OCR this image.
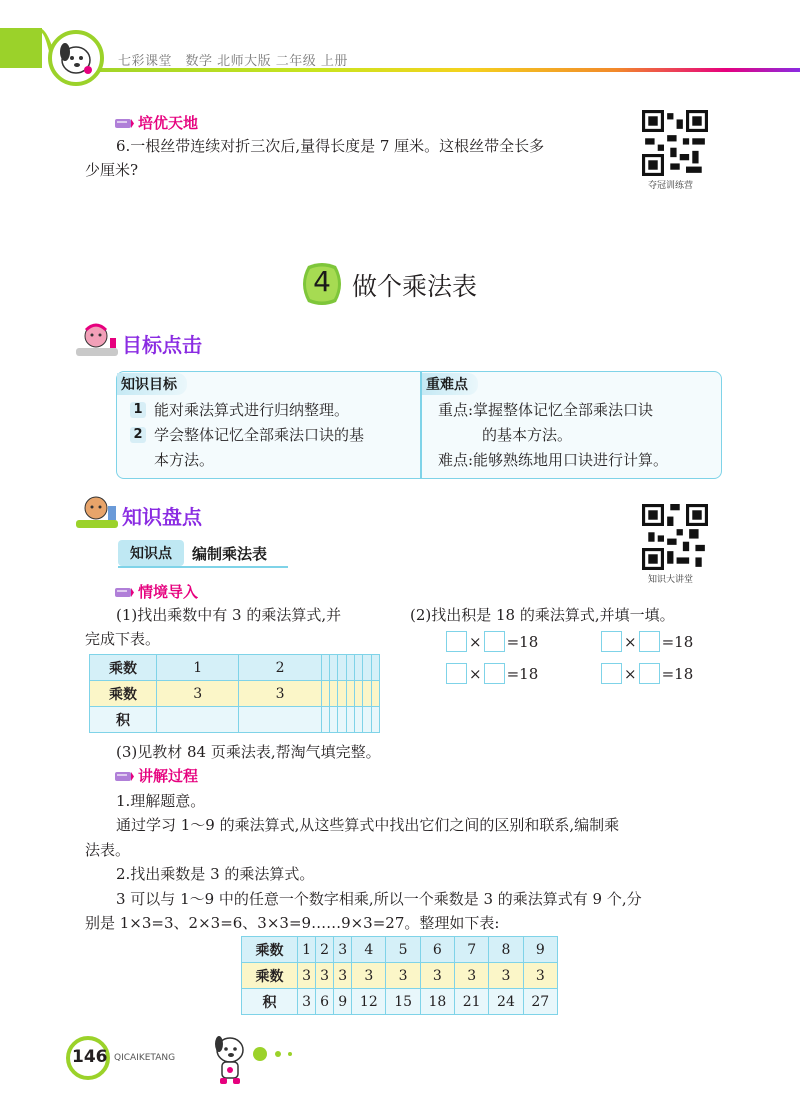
七彩课堂　数学 北师大版 二年级 上册
培优天地
6.一根丝带连续对折三次后,量得长度是 7 厘米。这根丝带全长多
少厘米?
夺冠训练营
4 做个乘法表
目标点击
知识目标	重难点
1 能对乘法算式进行归纳整理。
2 学会整体记忆全部乘法口诀的基
本方法。
重点:掌握整体记忆全部乘法口诀
的基本方法。
难点:能够熟练地用口诀进行计算。
知识盘点
知识点	编制乘法表
知识大讲堂
情境导入
(1)找出乘数中有 3 的乘法算式,并
完成下表。
(2)找出积是 18 的乘法算式,并填一填。
× =18	× =18
× =18	× =18
乘数	1	2							
乘数	3	3							
积									
(3)见教材 84 页乘法表,帮淘气填完整。
讲解过程
1.理解题意。
通过学习 1～9 的乘法算式,从这些算式中找出它们之间的区别和联系,编制乘
法表。
2.找出乘数是 3 的乘法算式。
3 可以与 1～9 中的任意一个数字相乘,所以一个乘数是 3 的乘法算式有 9 个,分
别是 1×3=3、2×3=6、3×3=9……9×3=27。整理如下表:
乘数	1	2	3	4	5	6	7	8	9
乘数	3	3	3	3	3	3	3	3	3
积	3	6	9	12	15	18	21	24	27
146 QICAIKETANG
